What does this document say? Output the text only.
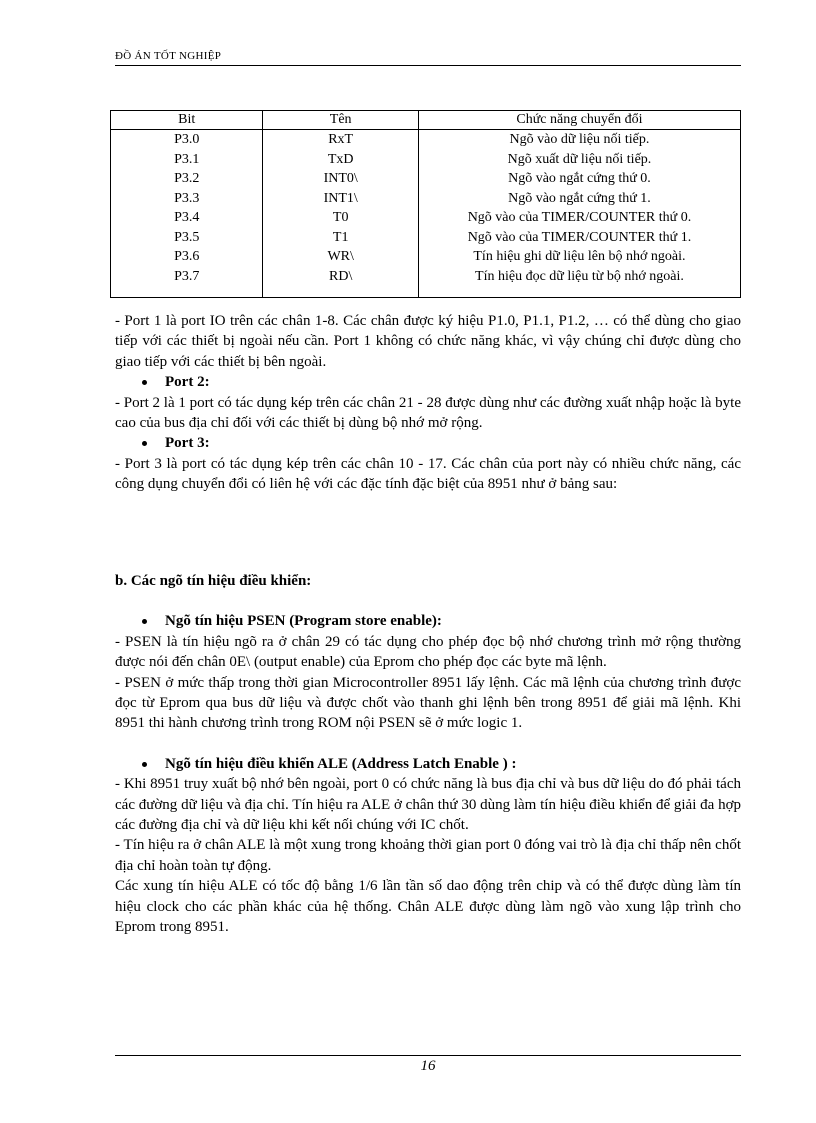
ĐỒ ÁN TỐT NGHIỆP
Bit	Tên	Chức năng chuyển đổi
P3.0	RxT	Ngõ vào dữ liệu nối tiếp.
P3.1	TxD	Ngõ xuất dữ liệu nối tiếp.
P3.2	INT0\	Ngõ vào ngắt cứng thứ 0.
P3.3	INT1\	Ngõ vào ngắt cứng thứ 1.
P3.4	T0	Ngõ vào của TIMER/COUNTER thứ 0.
P3.5	T1	Ngõ vào của TIMER/COUNTER thứ 1.
P3.6	WR\	Tín hiệu ghi dữ liệu lên bộ nhớ ngoài.
P3.7	RD\	Tín hiệu đọc dữ liệu từ bộ nhớ ngoài.

- Port 1 là port IO trên các chân 1-8. Các chân được ký hiệu P1.0, P1.1, P1.2, … có thể dùng cho giao tiếp với các thiết bị ngoài nếu cần. Port 1 không có chức năng khác, vì vậy chúng chỉ được dùng cho giao tiếp với các thiết bị bên ngoài.

Port 2:

- Port 2 là 1 port có tác dụng kép trên các chân 21 - 28 được dùng như các đường xuất nhập hoặc là byte cao của bus địa chỉ đối với các thiết bị dùng bộ nhớ mở rộng.

Port 3:

- Port 3 là port có tác dụng kép trên các chân 10 - 17. Các chân của port này có nhiều chức năng, các công dụng chuyển đổi có liên hệ với các đặc tính đặc biệt của 8951 như ở bảng sau:

b. Các ngõ tín hiệu điều khiển:

Ngõ tín hiệu PSEN (Program store enable):

- PSEN là tín hiệu ngõ ra ở chân 29 có tác dụng cho phép đọc bộ nhớ chương trình mở rộng thường được nói đến chân 0E\ (output enable) của Eprom cho phép đọc các byte mã lệnh.

- PSEN ở mức thấp trong thời gian Microcontroller 8951 lấy lệnh. Các mã lệnh của chương trình được đọc từ Eprom qua bus dữ liệu và được chốt vào thanh ghi lệnh bên trong 8951 để giải mã lệnh. Khi 8951 thi hành chương trình trong ROM nội PSEN sẽ ở mức logic 1.

Ngõ tín hiệu điều khiển ALE (Address Latch Enable ) :

- Khi 8951 truy xuất bộ nhớ bên ngoài, port 0 có chức năng là bus địa chỉ và bus dữ liệu do đó phải tách các đường dữ liệu và địa chỉ. Tín hiệu ra ALE ở chân thứ 30 dùng làm tín hiệu điều khiển để giải đa hợp các đường địa chỉ và dữ liệu khi kết nối chúng với IC chốt.

- Tín hiệu ra ở chân ALE là một xung trong khoảng thời gian port 0 đóng vai trò là địa chỉ thấp nên chốt địa chỉ hoàn toàn tự động.

Các xung tín hiệu ALE có tốc độ bằng 1/6 lần tần số dao động trên chip và có thể được dùng làm tín hiệu clock cho các phần khác của hệ thống. Chân ALE được dùng làm ngõ vào xung lập trình cho Eprom trong 8951.

16
